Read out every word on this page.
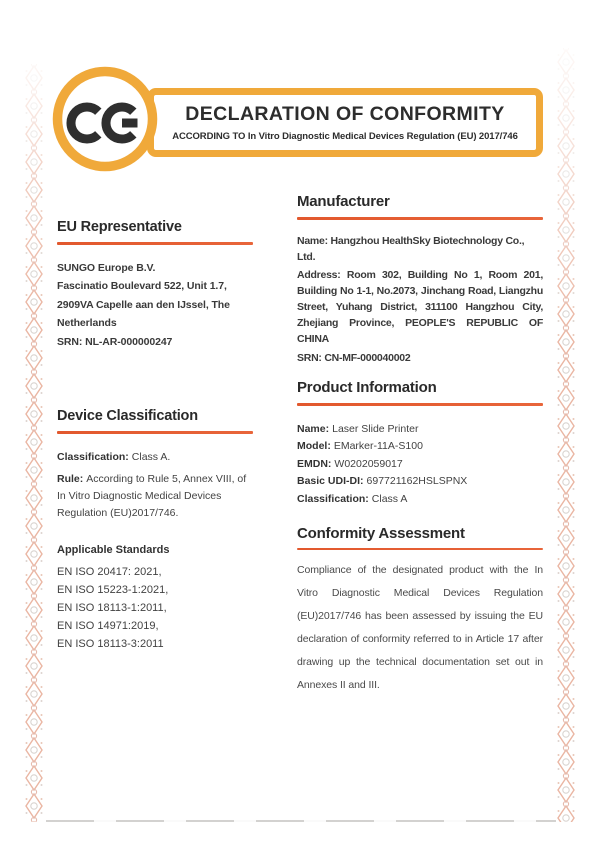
DECLARATION OF CONFORMITY
ACCORDING TO In Vitro Diagnostic Medical Devices Regulation (EU) 2017/746
EU Representative
SUNGO Europe B.V.
Fascinatio Boulevard 522, Unit 1.7,
2909VA Capelle aan den IJssel, The
Netherlands
SRN: NL-AR-000000247
Device Classification
Classification: Class A.
Rule: According to Rule 5, Annex VIII, of
In Vitro Diagnostic Medical Devices
Regulation (EU)2017/746.
Applicable Standards
EN ISO 20417: 2021,
EN ISO 15223-1:2021,
EN ISO 18113-1:2011,
EN ISO 14971:2019,
EN ISO 18113-3:2011
Manufacturer

Name: Hangzhou HealthSky Biotechnology Co., Ltd.

Address: Room 302, Building No 1, Room 201, Building No 1-1, No.2073, Jinchang Road, Liangzhu Street, Yuhang District, 311100 Hangzhou City, Zhejiang Province, PEOPLE'S REPUBLIC OF CHINA

SRN: CN-MF-000040002

Product Information
Name: Laser Slide Printer
Model: EMarker-11A-S100
EMDN: W0202059017
Basic UDI-DI: 697721162HSLSPNX
Classification: Class A
Conformity Assessment
Compliance of the designated product with the In Vitro Diagnostic Medical Devices Regulation (EU)2017/746 has been assessed by issuing the EU declaration of conformity referred to in Article 17 after drawing up the technical documentation set out in Annexes II and III.
